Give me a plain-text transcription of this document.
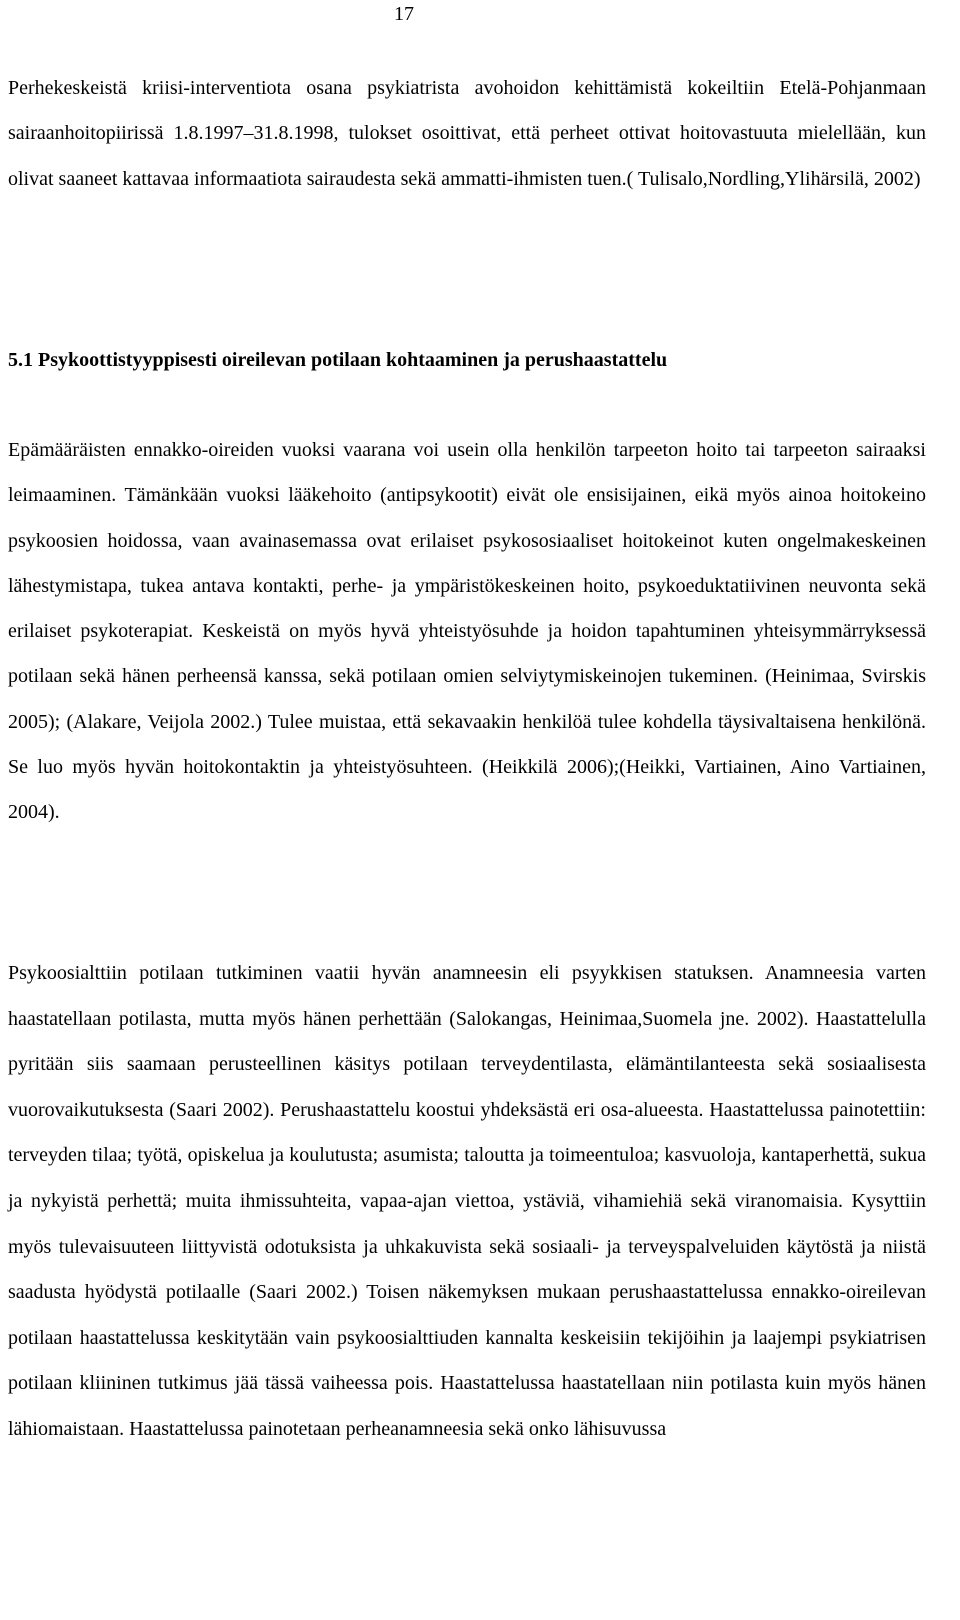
17

Perhekeskeistä kriisi-interventiota osana psykiatrista avohoidon kehittämistä kokeiltiin Etelä-Pohjanmaan sairaanhoitopiirissä 1.8.1997–31.8.1998, tulokset osoittivat, että perheet ottivat hoitovastuuta mielellään, kun olivat saaneet kattavaa informaatiota sairaudesta sekä ammatti-ihmisten tuen.( Tulisalo,Nordling,Ylihärsilä, 2002)

5.1 Psykoottistyyppisesti oireilevan potilaan kohtaaminen ja perushaastattelu

Epämääräisten ennakko-oireiden vuoksi vaarana voi usein olla henkilön tarpeeton hoito tai tarpeeton sairaaksi leimaaminen. Tämänkään vuoksi lääkehoito (antipsykootit) eivät ole ensisijainen, eikä myös ainoa hoitokeino psykoosien hoidossa, vaan avainasemassa ovat erilaiset psykososiaaliset hoitokeinot kuten ongelmakeskeinen lähestymistapa, tukea antava kontakti, perhe- ja ympäristökeskeinen hoito, psykoeduktatiivinen neuvonta sekä erilaiset psykoterapiat. Keskeistä on myös hyvä yhteistyösuhde ja hoidon tapahtuminen yhteisymmärryksessä potilaan sekä hänen perheensä kanssa, sekä potilaan omien selviytymiskeinojen tukeminen. (Heinimaa, Svirskis 2005); (Alakare, Veijola 2002.) Tulee muistaa, että sekavaakin henkilöä tulee kohdella täysivaltaisena henkilönä. Se luo myös hyvän hoitokontaktin ja yhteistyösuhteen. (Heikkilä 2006);(Heikki, Vartiainen, Aino Vartiainen, 2004).

Psykoosialttiin potilaan tutkiminen vaatii hyvän anamneesin eli psyykkisen statuksen. Anamneesia varten haastatellaan potilasta, mutta myös hänen perhettään (Salokangas, Heinimaa,Suomela jne. 2002). Haastattelulla pyritään siis saamaan perusteellinen käsitys potilaan terveydentilasta, elämäntilanteesta sekä sosiaalisesta vuorovaikutuksesta (Saari 2002). Perushaastattelu koostui yhdeksästä eri osa-alueesta. Haastattelussa painotettiin: terveyden tilaa; työtä, opiskelua ja koulutusta; asumista; taloutta ja toimeentuloa; kasvuoloja, kantaperhettä, sukua ja nykyistä perhettä; muita ihmissuhteita, vapaa-ajan viettoa, ystäviä, vihamiehiä sekä viranomaisia. Kysyttiin myös tulevaisuuteen liittyvistä odotuksista ja uhkakuvista sekä sosiaali- ja terveyspalveluiden käytöstä ja niistä saadusta hyödystä potilaalle (Saari 2002.) Toisen näkemyksen mukaan perushaastattelussa ennakko-oireilevan potilaan haastattelussa keskitytään vain psykoosialttiuden kannalta keskeisiin tekijöihin ja laajempi psykiatrisen potilaan kliininen tutkimus jää tässä vaiheessa pois. Haastattelussa haastatellaan niin potilasta kuin myös hänen lähiomaistaan. Haastattelussa painotetaan perheanamneesia sekä onko lähisuvussa
